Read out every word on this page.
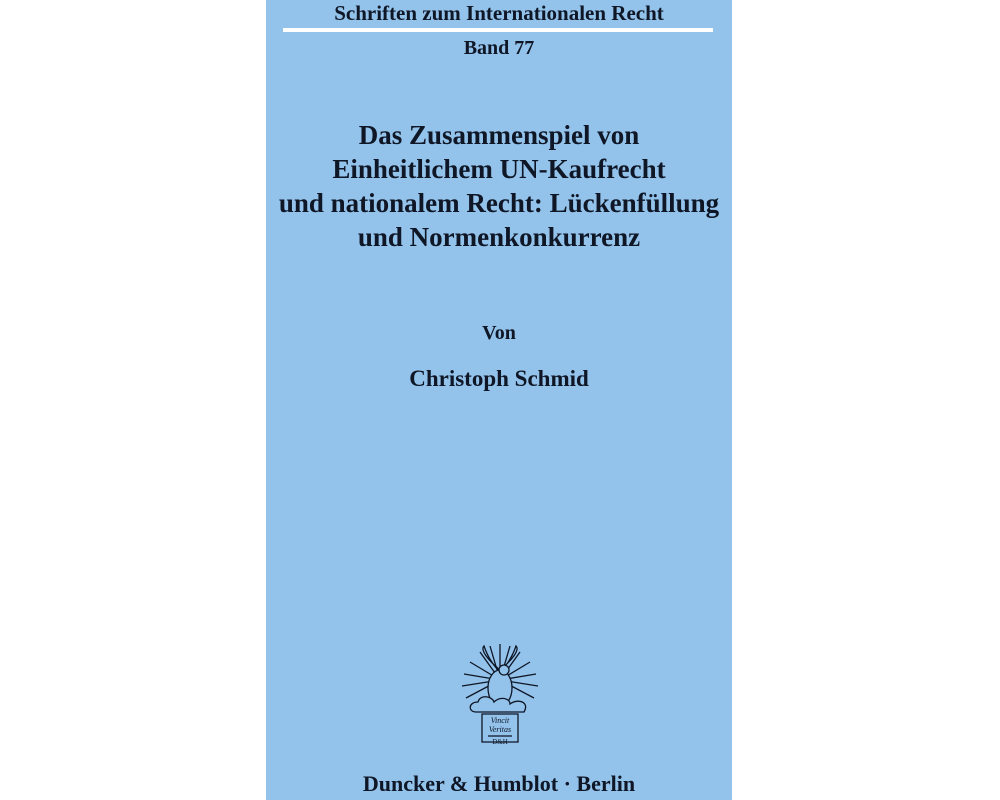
Schriften zum Internationalen Recht
Band 77
Das Zusammenspiel von
Einheitlichem UN-Kaufrecht
und nationalem Recht: Lückenfüllung
und Normenkonkurrenz
Von
Christoph Schmid
Vincit
Veritas
D&H
Duncker & Humblot · Berlin
